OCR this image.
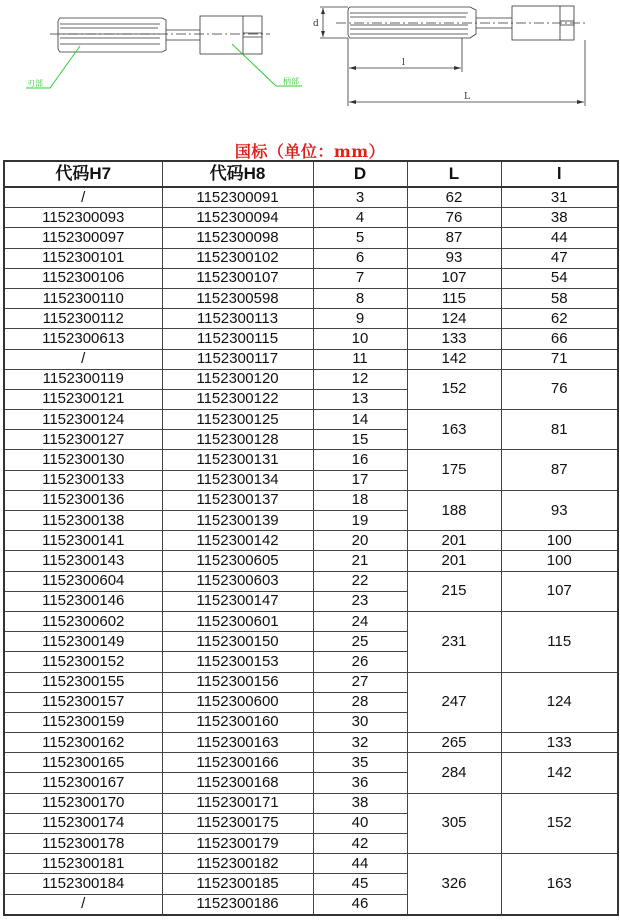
刃部	柄部
d
l
L
国标（单位：mm）
代码H7	代码H8	D	L	l
/	1152300091	3	62	31
1152300093	1152300094	4	76	38
1152300097	1152300098	5	87	44
1152300101	1152300102	6	93	47
1152300106	1152300107	7	107	54
1152300110	1152300598	8	115	58
1152300112	1152300113	9	124	62
1152300613	1152300115	10	133	66
/	1152300117	11	142	71
1152300119	1152300120	12	152	76
1152300121	1152300122	13		
1152300124	1152300125	14	163	81
1152300127	1152300128	15		
1152300130	1152300131	16	175	87
1152300133	1152300134	17		
1152300136	1152300137	18	188	93
1152300138	1152300139	19		
1152300141	1152300142	20	201	100
1152300143	1152300605	21	201	100
1152300604	1152300603	22	215	107
1152300146	1152300147	23		
1152300602	1152300601	24	231	115
1152300149	1152300150	25		
1152300152	1152300153	26		
1152300155	1152300156	27	247	124
1152300157	1152300600	28		
1152300159	1152300160	30		
1152300162	1152300163	32	265	133
1152300165	1152300166	35	284	142
1152300167	1152300168	36		
1152300170	1152300171	38	305	152
1152300174	1152300175	40		
1152300178	1152300179	42		
1152300181	1152300182	44	326	163
1152300184	1152300185	45		
/	1152300186	46		
